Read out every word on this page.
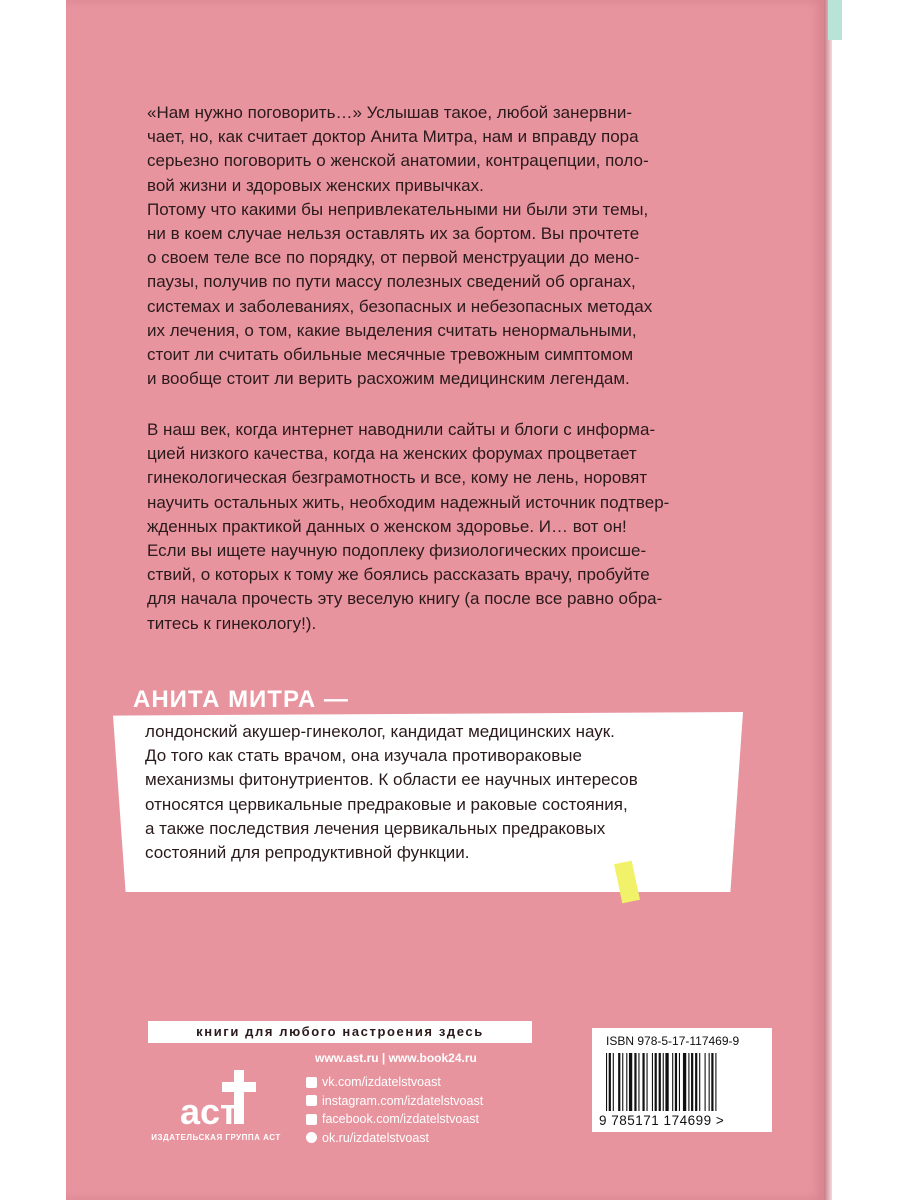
«Нам нужно поговорить…» Услышав такое, любой занервни-
чает, но, как считает доктор Анита Митра, нам и вправду пора
серьезно поговорить о женской анатомии, контрацепции, поло-
вой жизни и здоровых женских привычках.
Потому что какими бы непривлекательными ни были эти темы,
ни в коем случае нельзя оставлять их за бортом. Вы прочтете
о своем теле все по порядку, от первой менструации до мено-
паузы, получив по пути массу полезных сведений об органах,
системах и заболеваниях, безопасных и небезопасных методах
их лечения, о том, какие выделения считать ненормальными,
стоит ли считать обильные месячные тревожным симптомом
и вообще стоит ли верить расхожим медицинским легендам.

В наш век, когда интернет наводнили сайты и блоги с информа-
цией низкого качества, когда на женских форумах процветает
гинекологическая безграмотность и все, кому не лень, норовят
научить остальных жить, необходим надежный источник подтвер-
жденных практикой данных о женском здоровье. И… вот он!
Если вы ищете научную подоплеку физиологических происше-
ствий, о которых к тому же боялись рассказать врачу, пробуйте
для начала прочесть эту веселую книгу (а после все равно обра-
титесь к гинекологу!).

АНИТА МИТРА —

лондонский акушер-гинеколог, кандидат медицинских наук.
До того как стать врачом, она изучала противораковые
механизмы фитонутриентов. К области ее научных интересов
относятся цервикальные предраковые и раковые состояния,
а также последствия лечения цервикальных предраковых
состояний для репродуктивной функции.

книги для любого настроения здесь
аст

ИЗДАТЕЛЬСКАЯ ГРУППА АСТ

www.ast.ru | www.book24.ru

vk.com/izdatelstvoast
instagram.com/izdatelstvoast
facebook.com/izdatelstvoast
ok.ru/izdatelstvoast

ISBN 978-5-17-117469-9

9 785171 174699 >
